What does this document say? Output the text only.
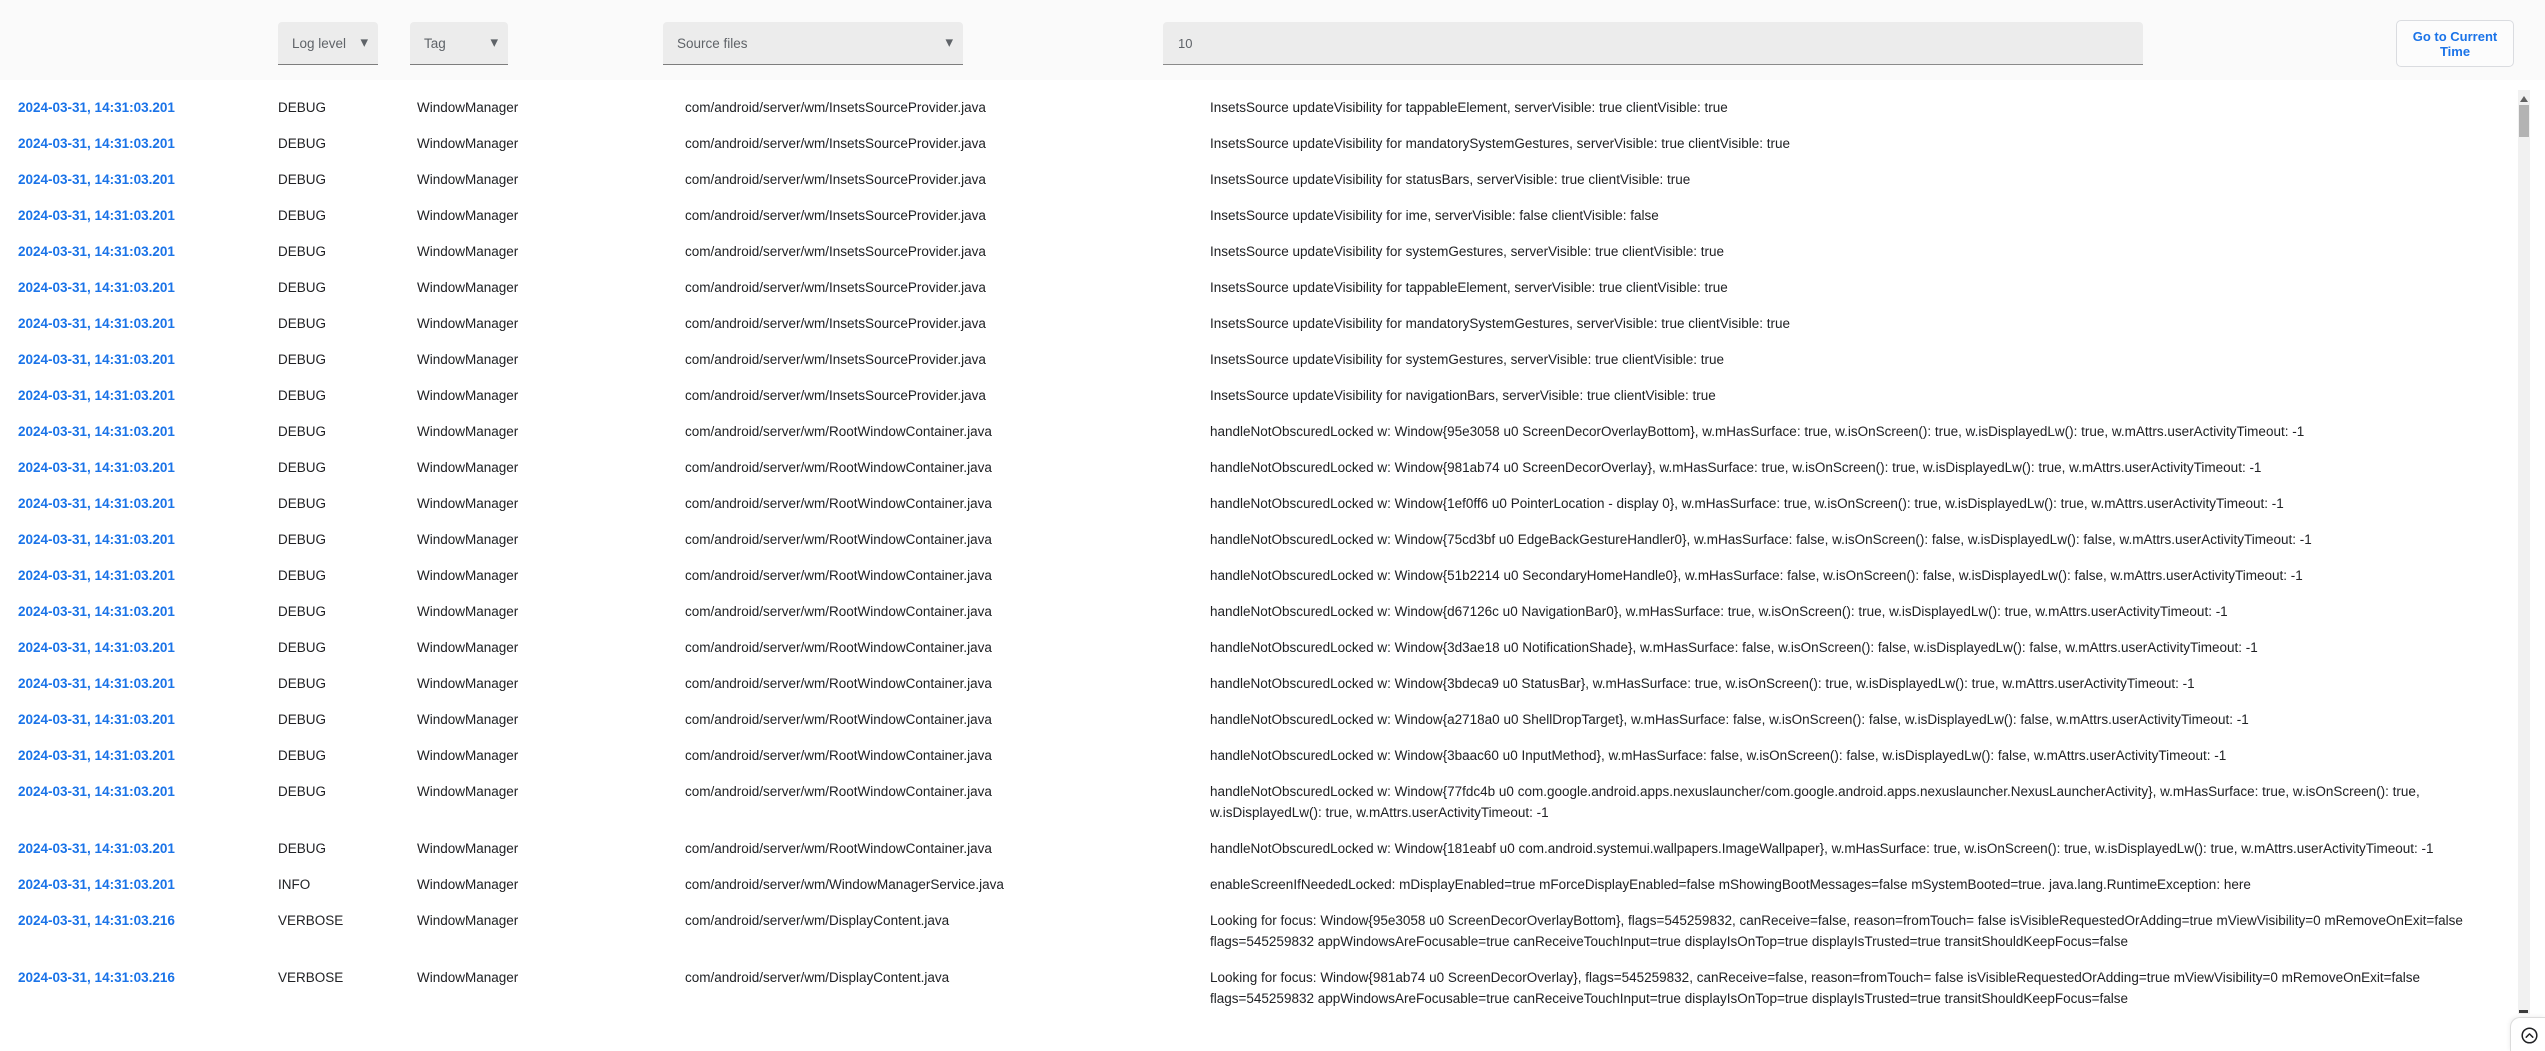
Log level ▾	Tag	▾	Source files	▾
10	Go to Current Time
2024-03-31, 14:31:03.201	DEBUG	WindowManager	com/android/server/wm/InsetsSourceProvider.java	InsetsSource updateVisibility for tappableElement, serverVisible: true clientVisible: true
2024-03-31, 14:31:03.201	DEBUG	WindowManager	com/android/server/wm/InsetsSourceProvider.java	InsetsSource updateVisibility for mandatorySystemGestures, serverVisible: true clientVisible: true
2024-03-31, 14:31:03.201	DEBUG	WindowManager	com/android/server/wm/InsetsSourceProvider.java	InsetsSource updateVisibility for statusBars, serverVisible: true clientVisible: true
2024-03-31, 14:31:03.201	DEBUG	WindowManager	com/android/server/wm/InsetsSourceProvider.java	InsetsSource updateVisibility for ime, serverVisible: false clientVisible: false
2024-03-31, 14:31:03.201	DEBUG	WindowManager	com/android/server/wm/InsetsSourceProvider.java	InsetsSource updateVisibility for systemGestures, serverVisible: true clientVisible: true
2024-03-31, 14:31:03.201	DEBUG	WindowManager	com/android/server/wm/InsetsSourceProvider.java	InsetsSource updateVisibility for tappableElement, serverVisible: true clientVisible: true
2024-03-31, 14:31:03.201	DEBUG	WindowManager	com/android/server/wm/InsetsSourceProvider.java	InsetsSource updateVisibility for mandatorySystemGestures, serverVisible: true clientVisible: true
2024-03-31, 14:31:03.201	DEBUG	WindowManager	com/android/server/wm/InsetsSourceProvider.java	InsetsSource updateVisibility for systemGestures, serverVisible: true clientVisible: true
2024-03-31, 14:31:03.201	DEBUG	WindowManager	com/android/server/wm/InsetsSourceProvider.java	InsetsSource updateVisibility for navigationBars, serverVisible: true clientVisible: true
2024-03-31, 14:31:03.201	DEBUG	WindowManager	com/android/server/wm/RootWindowContainer.java	handleNotObscuredLocked w: Window{95e3058 u0 ScreenDecorOverlayBottom}, w.mHasSurface: true, w.isOnScreen(): true, w.isDisplayedLw(): true, w.mAttrs.userActivityTimeout: -1
2024-03-31, 14:31:03.201	DEBUG	WindowManager	com/android/server/wm/RootWindowContainer.java	handleNotObscuredLocked w: Window{981ab74 u0 ScreenDecorOverlay}, w.mHasSurface: true, w.isOnScreen(): true, w.isDisplayedLw(): true, w.mAttrs.userActivityTimeout: -1
2024-03-31, 14:31:03.201	DEBUG	WindowManager	com/android/server/wm/RootWindowContainer.java	handleNotObscuredLocked w: Window{1ef0ff6 u0 PointerLocation - display 0}, w.mHasSurface: true, w.isOnScreen(): true, w.isDisplayedLw(): true, w.mAttrs.userActivityTimeout: -1
2024-03-31, 14:31:03.201	DEBUG	WindowManager	com/android/server/wm/RootWindowContainer.java	handleNotObscuredLocked w: Window{75cd3bf u0 EdgeBackGestureHandler0}, w.mHasSurface: false, w.isOnScreen(): false, w.isDisplayedLw(): false, w.mAttrs.userActivityTimeout: -1
2024-03-31, 14:31:03.201	DEBUG	WindowManager	com/android/server/wm/RootWindowContainer.java	handleNotObscuredLocked w: Window{51b2214 u0 SecondaryHomeHandle0}, w.mHasSurface: false, w.isOnScreen(): false, w.isDisplayedLw(): false, w.mAttrs.userActivityTimeout: -1
2024-03-31, 14:31:03.201	DEBUG	WindowManager	com/android/server/wm/RootWindowContainer.java	handleNotObscuredLocked w: Window{d67126c u0 NavigationBar0}, w.mHasSurface: true, w.isOnScreen(): true, w.isDisplayedLw(): true, w.mAttrs.userActivityTimeout: -1
2024-03-31, 14:31:03.201	DEBUG	WindowManager	com/android/server/wm/RootWindowContainer.java	handleNotObscuredLocked w: Window{3d3ae18 u0 NotificationShade}, w.mHasSurface: false, w.isOnScreen(): false, w.isDisplayedLw(): false, w.mAttrs.userActivityTimeout: -1
2024-03-31, 14:31:03.201	DEBUG	WindowManager	com/android/server/wm/RootWindowContainer.java	handleNotObscuredLocked w: Window{3bdeca9 u0 StatusBar}, w.mHasSurface: true, w.isOnScreen(): true, w.isDisplayedLw(): true, w.mAttrs.userActivityTimeout: -1
2024-03-31, 14:31:03.201	DEBUG	WindowManager	com/android/server/wm/RootWindowContainer.java	handleNotObscuredLocked w: Window{a2718a0 u0 ShellDropTarget}, w.mHasSurface: false, w.isOnScreen(): false, w.isDisplayedLw(): false, w.mAttrs.userActivityTimeout: -1
2024-03-31, 14:31:03.201	DEBUG	WindowManager	com/android/server/wm/RootWindowContainer.java	handleNotObscuredLocked w: Window{3baac60 u0 InputMethod}, w.mHasSurface: false, w.isOnScreen(): false, w.isDisplayedLw(): false, w.mAttrs.userActivityTimeout: -1
2024-03-31, 14:31:03.201	DEBUG	WindowManager	com/android/server/wm/RootWindowContainer.java	handleNotObscuredLocked w: Window{77fdc4b u0 com.google.android.apps.nexuslauncher/com.google.android.apps.nexuslauncher.NexusLauncherActivity}, w.mHasSurface: true, w.isOnScreen(): true, w.isDisplayedLw(): true, w.mAttrs.userActivityTimeout: -1
2024-03-31, 14:31:03.201	DEBUG	WindowManager	com/android/server/wm/RootWindowContainer.java	handleNotObscuredLocked w: Window{181eabf u0 com.android.systemui.wallpapers.ImageWallpaper}, w.mHasSurface: true, w.isOnScreen(): true, w.isDisplayedLw(): true, w.mAttrs.userActivityTimeout: -1
2024-03-31, 14:31:03.201	INFO	WindowManager	com/android/server/wm/WindowManagerService.java	enableScreenIfNeededLocked: mDisplayEnabled=true mForceDisplayEnabled=false mShowingBootMessages=false mSystemBooted=true. java.lang.RuntimeException: here
2024-03-31, 14:31:03.216	VERBOSE	WindowManager	com/android/server/wm/DisplayContent.java	Looking for focus: Window{95e3058 u0 ScreenDecorOverlayBottom}, flags=545259832, canReceive=false, reason=fromTouch= false isVisibleRequestedOrAdding=true mViewVisibility=0 mRemoveOnExit=false flags=545259832 appWindowsAreFocusable=true canReceiveTouchInput=true displayIsOnTop=true displayIsTrusted=true transitShouldKeepFocus=false
2024-03-31, 14:31:03.216	VERBOSE	WindowManager	com/android/server/wm/DisplayContent.java	Looking for focus: Window{981ab74 u0 ScreenDecorOverlay}, flags=545259832, canReceive=false, reason=fromTouch= false isVisibleRequestedOrAdding=true mViewVisibility=0 mRemoveOnExit=false flags=545259832 appWindowsAreFocusable=true canReceiveTouchInput=true displayIsOnTop=true displayIsTrusted=true transitShouldKeepFocus=false
